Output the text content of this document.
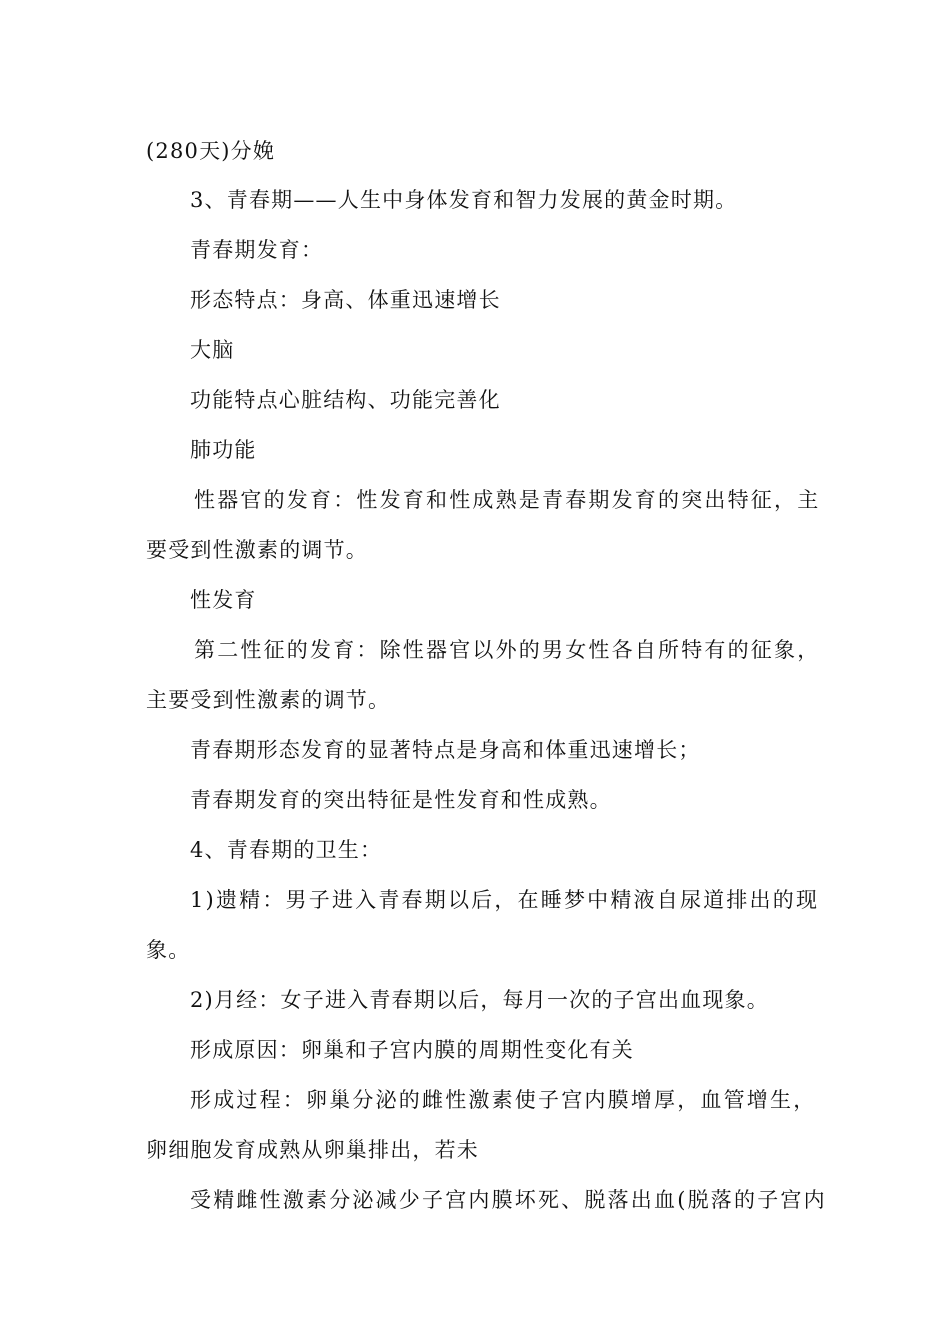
(280天)分娩
3、青春期——人生中身体发育和智力发展的黄金时期。
青春期发育：
形态特点：身高、体重迅速增长
大脑
功能特点心脏结构、功能完善化
肺功能
性器官的发育：性发育和性成熟是青春期发育的突出特征，主
要受到性激素的调节。
性发育
第二性征的发育：除性器官以外的男女性各自所特有的征象，
主要受到性激素的调节。
青春期形态发育的显著特点是身高和体重迅速增长；
青春期发育的突出特征是性发育和性成熟。
4、青春期的卫生：
1)遗精：男子进入青春期以后，在睡梦中精液自尿道排出的现
象。
2)月经：女子进入青春期以后，每月一次的子宫出血现象。
形成原因：卵巢和子宫内膜的周期性变化有关
形成过程：卵巢分泌的雌性激素使子宫内膜增厚，血管增生，
卵细胞发育成熟从卵巢排出，若未
受精雌性激素分泌减少子宫内膜坏死、脱落出血(脱落的子宫内
